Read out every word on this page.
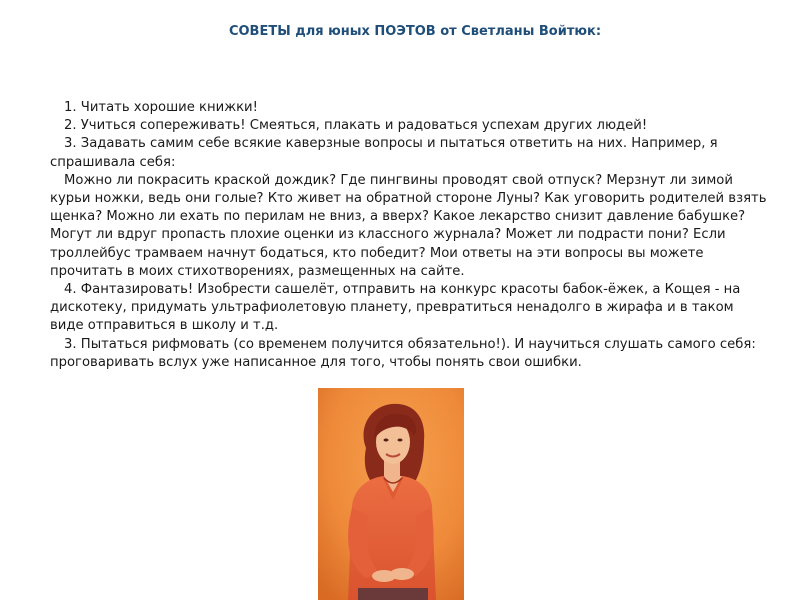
СОВЕТЫ для юных ПОЭТОВ от Светланы Войтюк:

1. Читать хорошие книжки!

2. Учиться сопереживать! Смеяться, плакать и радоваться успехам других людей!

3. Задавать самим себе всякие каверзные вопросы и пытаться ответить на них. Например, я спрашивала себя:

Можно ли покрасить краской дождик? Где пингвины проводят свой отпуск? Мерзнут ли зимой курьи ножки, ведь они голые? Кто живет на обратной стороне Луны? Как уговорить родителей взять щенка? Можно ли ехать по перилам не вниз, а вверх? Какое лекарство снизит давление бабушке? Могут ли вдруг пропасть плохие оценки из классного журнала? Может ли подрасти пони? Если троллейбус трамваем начнут бодаться, кто победит? Мои ответы на эти вопросы вы можете прочитать в моих стихотворениях, размещенных на сайте.

4. Фантазировать! Изобрести сашелёт, отправить на конкурс красоты бабок-ёжек, а Кощея - на дискотеку, придумать ультрафиолетовую планету, превратиться ненадолго в жирафа и в таком виде отправиться в школу и т.д.

3. Пытаться рифмовать (со временем получится обязательно!). И научиться слушать самого себя: проговаривать вслух уже написанное для того, чтобы понять свои ошибки.
